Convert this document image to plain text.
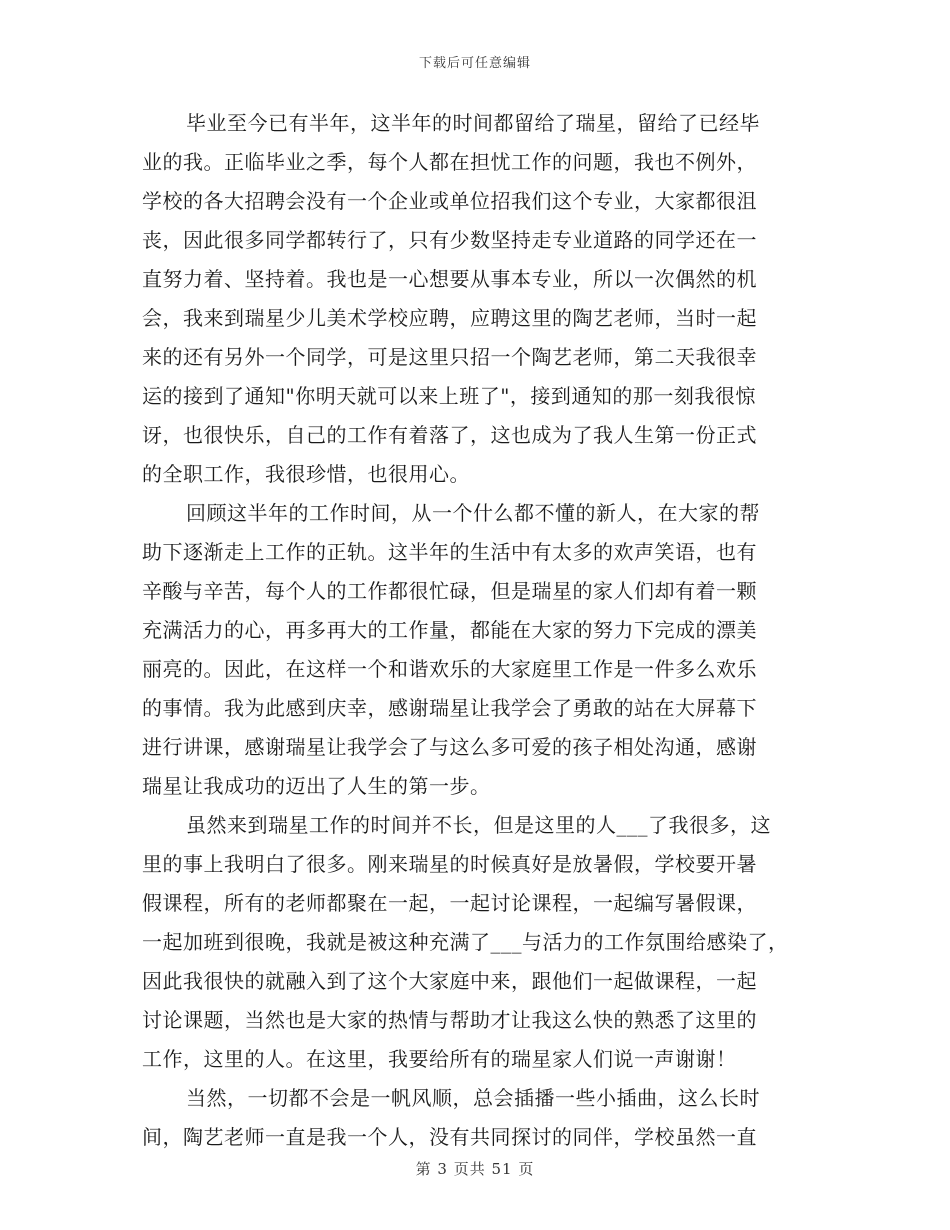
下载后可任意编辑
毕业至今已有半年，这半年的时间都留给了瑞星，留给了已经毕
业的我。正临毕业之季，每个人都在担忧工作的问题，我也不例外，
学校的各大招聘会没有一个企业或单位招我们这个专业，大家都很沮
丧，因此很多同学都转行了，只有少数坚持走专业道路的同学还在一
直努力着、坚持着。我也是一心想要从事本专业，所以一次偶然的机
会，我来到瑞星少儿美术学校应聘，应聘这里的陶艺老师，当时一起
来的还有另外一个同学，可是这里只招一个陶艺老师，第二天我很幸
运的接到了通知"你明天就可以来上班了"，接到通知的那一刻我很惊
讶，也很快乐，自己的工作有着落了，这也成为了我人生第一份正式
的全职工作，我很珍惜，也很用心。
回顾这半年的工作时间，从一个什么都不懂的新人，在大家的帮
助下逐渐走上工作的正轨。这半年的生活中有太多的欢声笑语，也有
辛酸与辛苦，每个人的工作都很忙碌，但是瑞星的家人们却有着一颗
充满活力的心，再多再大的工作量，都能在大家的努力下完成的漂美
丽亮的。因此，在这样一个和谐欢乐的大家庭里工作是一件多么欢乐
的事情。我为此感到庆幸，感谢瑞星让我学会了勇敢的站在大屏幕下
进行讲课，感谢瑞星让我学会了与这么多可爱的孩子相处沟通，感谢
瑞星让我成功的迈出了人生的第一步。
虽然来到瑞星工作的时间并不长，但是这里的人___了我很多，这
里的事上我明白了很多。刚来瑞星的时候真好是放暑假，学校要开暑
假课程，所有的老师都聚在一起，一起讨论课程，一起编写暑假课，
一起加班到很晚，我就是被这种充满了___与活力的工作氛围给感染了，
因此我很快的就融入到了这个大家庭中来，跟他们一起做课程，一起
讨论课题，当然也是大家的热情与帮助才让我这么快的熟悉了这里的
工作，这里的人。在这里，我要给所有的瑞星家人们说一声谢谢！
当然，一切都不会是一帆风顺，总会插播一些小插曲，这么长时
间，陶艺老师一直是我一个人，没有共同探讨的同伴，学校虽然一直
第 3 页共 51 页
